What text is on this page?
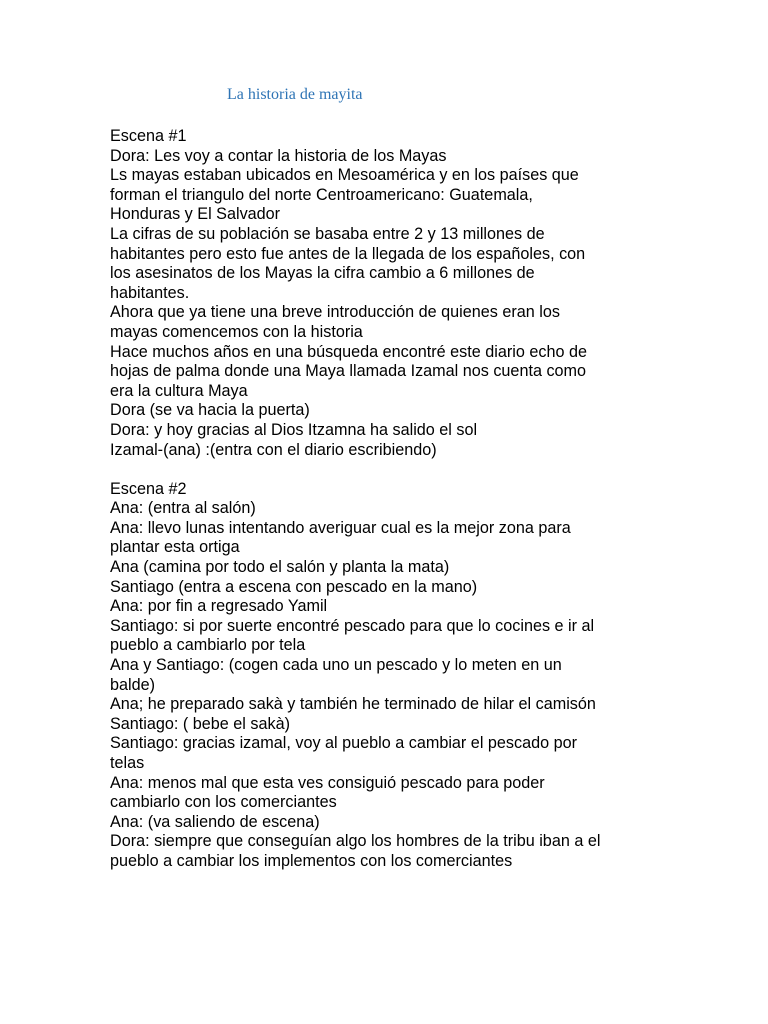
La historia de mayita
Escena #1
Dora: Les voy a contar la historia de los Mayas
Ls mayas estaban ubicados en Mesoamérica y en los países que
forman el triangulo del norte Centroamericano: Guatemala,
Honduras y El Salvador
La cifras de su población se basaba entre 2 y 13 millones de
habitantes pero esto fue antes de la llegada de los españoles, con
los asesinatos de los Mayas la cifra cambio a 6 millones de
habitantes.
Ahora que ya tiene una breve introducción de quienes eran los
mayas comencemos con la historia
Hace muchos años en una búsqueda encontré este diario echo de
hojas de palma donde una Maya llamada Izamal nos cuenta como
era la cultura Maya
Dora (se va hacia la puerta)
Dora: y hoy gracias al Dios Itzamna ha salido el sol
Izamal-(ana) :(entra con el diario escribiendo)
Escena #2
Ana: (entra al salón)
Ana: llevo lunas intentando averiguar cual es la mejor zona para
plantar esta ortiga
Ana (camina por todo el salón y planta la mata)
Santiago (entra a escena con pescado en la mano)
Ana: por fin a regresado Yamil
Santiago: si por suerte encontré pescado para que lo cocines e ir al
pueblo a cambiarlo por tela
Ana y Santiago: (cogen cada uno un pescado y lo meten en un
balde)
Ana; he preparado sakà y también he terminado de hilar el camisón
Santiago: ( bebe el sakà)
Santiago: gracias izamal, voy al pueblo a cambiar el pescado por
telas
Ana: menos mal que esta ves consiguió pescado para poder
cambiarlo con los comerciantes
Ana: (va saliendo de escena)
Dora: siempre que conseguían algo los hombres de la tribu iban a el
pueblo a cambiar los implementos con los comerciantes
